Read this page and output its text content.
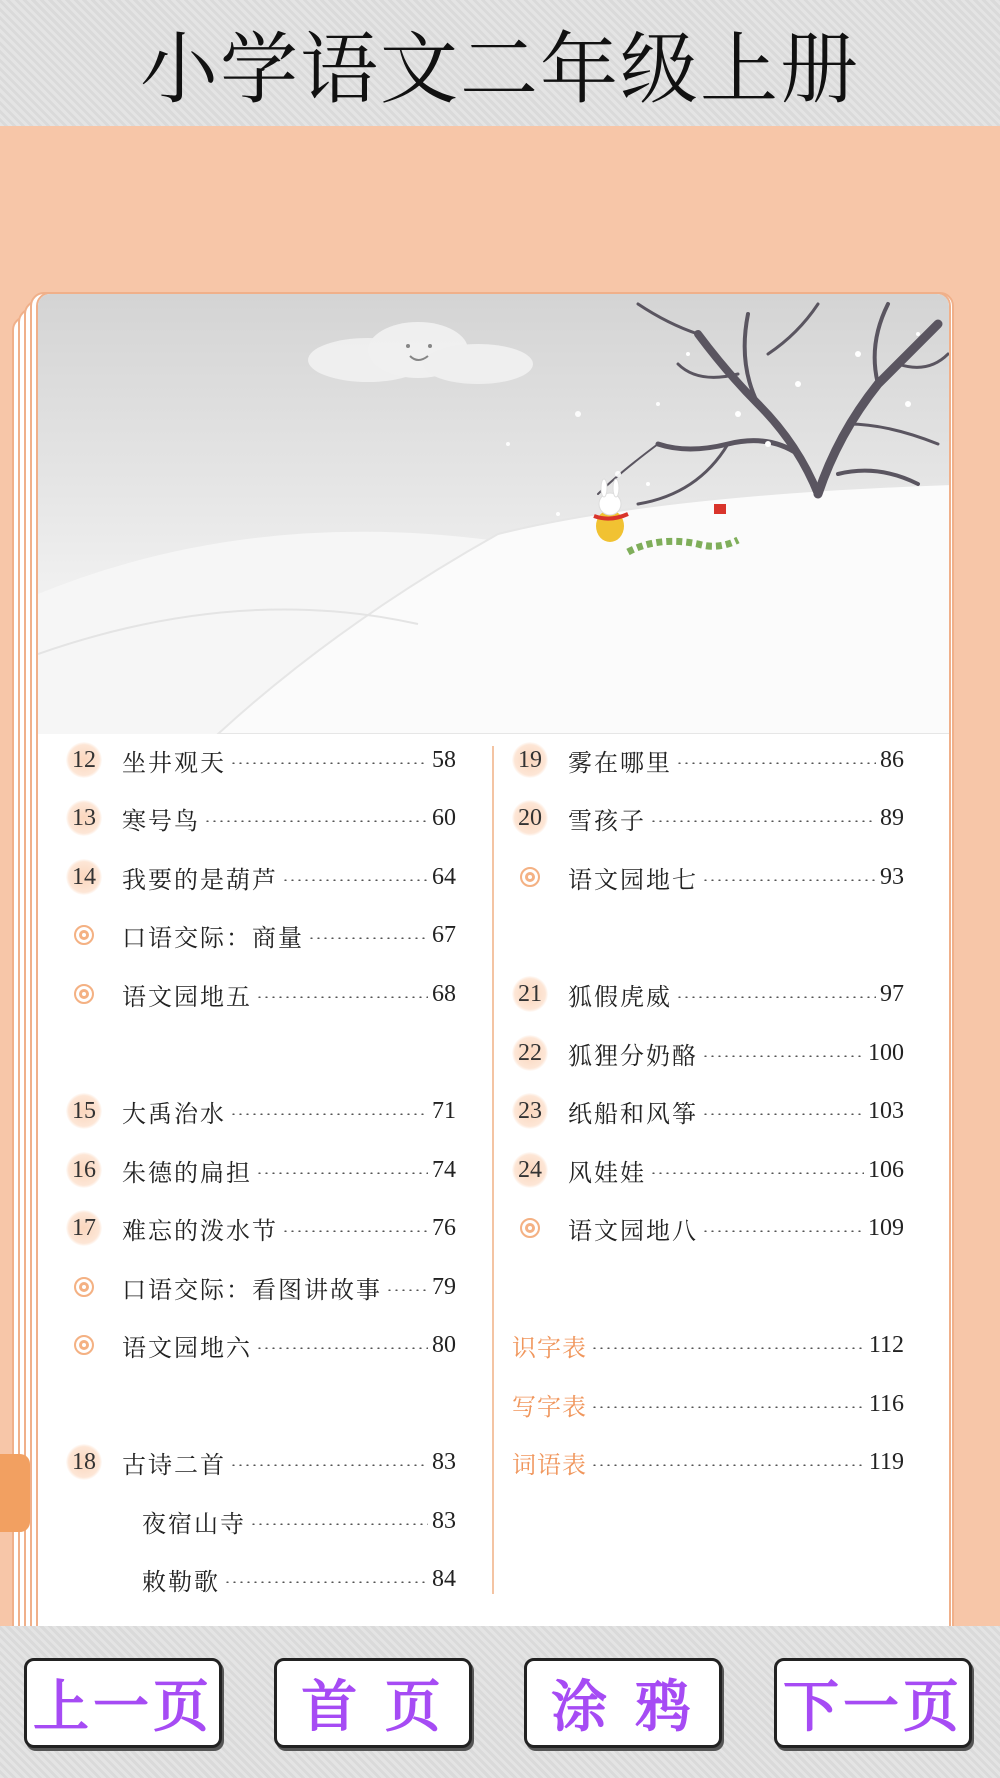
小学语文二年级上册
12 坐井观天	58
13 寒号鸟	60
14 我要的是葫芦	64
口语交际：商量	67
语文园地五	68
15 大禹治水	71
16 朱德的扁担	74
17 难忘的泼水节	76
口语交际：看图讲故事 79
语文园地六	80
18 古诗二首	83
夜宿山寺	83
敕勒歌	84
19 雾在哪里	86
20 雪孩子	89
语文园地七	93
21 狐假虎威	97
22 狐狸分奶酪	100
23 纸船和风筝	103
24 风娃娃	106
语文园地八	109
识字表	112
写字表	116
词语表	119
上一页	首 页	涂 鸦	下一页
